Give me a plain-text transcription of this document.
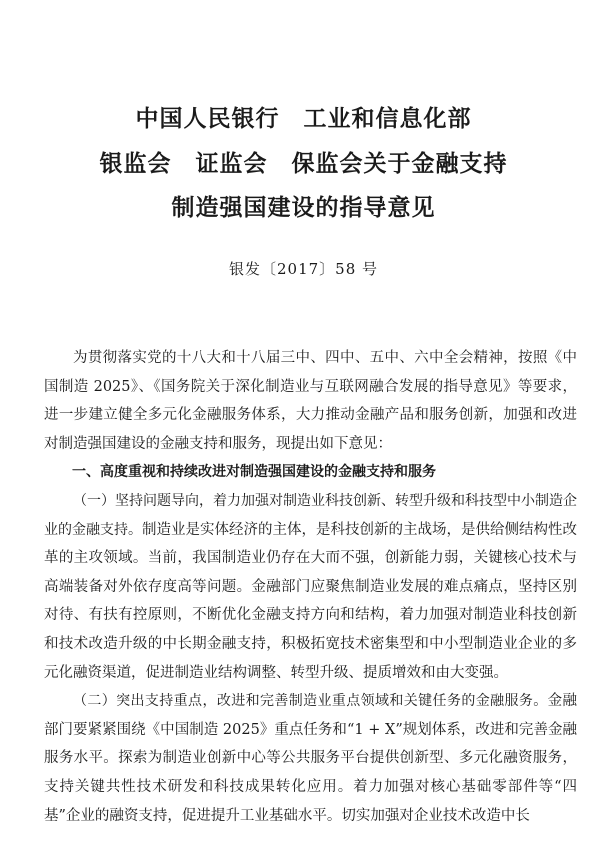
中国人民银行　工业和信息化部
银监会　证监会　保监会关于金融支持
制造强国建设的指导意见
银发〔2017〕58 号

为贯彻落实党的十八大和十八届三中、四中、五中、六中全会精神，按照《中国制造 2025》、《国务院关于深化制造业与互联网融合发展的指导意见》等要求，进一步建立健全多元化金融服务体系，大力推动金融产品和服务创新，加强和改进对制造强国建设的金融支持和服务，现提出如下意见：

一、高度重视和持续改进对制造强国建设的金融支持和服务

（一）坚持问题导向，着力加强对制造业科技创新、转型升级和科技型中小制造企业的金融支持。制造业是实体经济的主体，是科技创新的主战场，是供给侧结构性改革的主攻领域。当前，我国制造业仍存在大而不强，创新能力弱，关键核心技术与高端装备对外依存度高等问题。金融部门应聚焦制造业发展的难点痛点，坚持区别对待、有扶有控原则，不断优化金融支持方向和结构，着力加强对制造业科技创新和技术改造升级的中长期金融支持，积极拓宽技术密集型和中小型制造业企业的多元化融资渠道，促进制造业结构调整、转型升级、提质增效和由大变强。

（二）突出支持重点，改进和完善制造业重点领域和关键任务的金融服务。金融部门要紧紧围绕《中国制造 2025》重点任务和“1 + X”规划体系，改进和完善金融服务水平。探索为制造业创新中心等公共服务平台提供创新型、多元化融资服务，支持关键共性技术研发和科技成果转化应用。着力加强对核心基础零部件等“四基”企业的融资支持，促进提升工业基础水平。切实加强对企业技术改造中长
